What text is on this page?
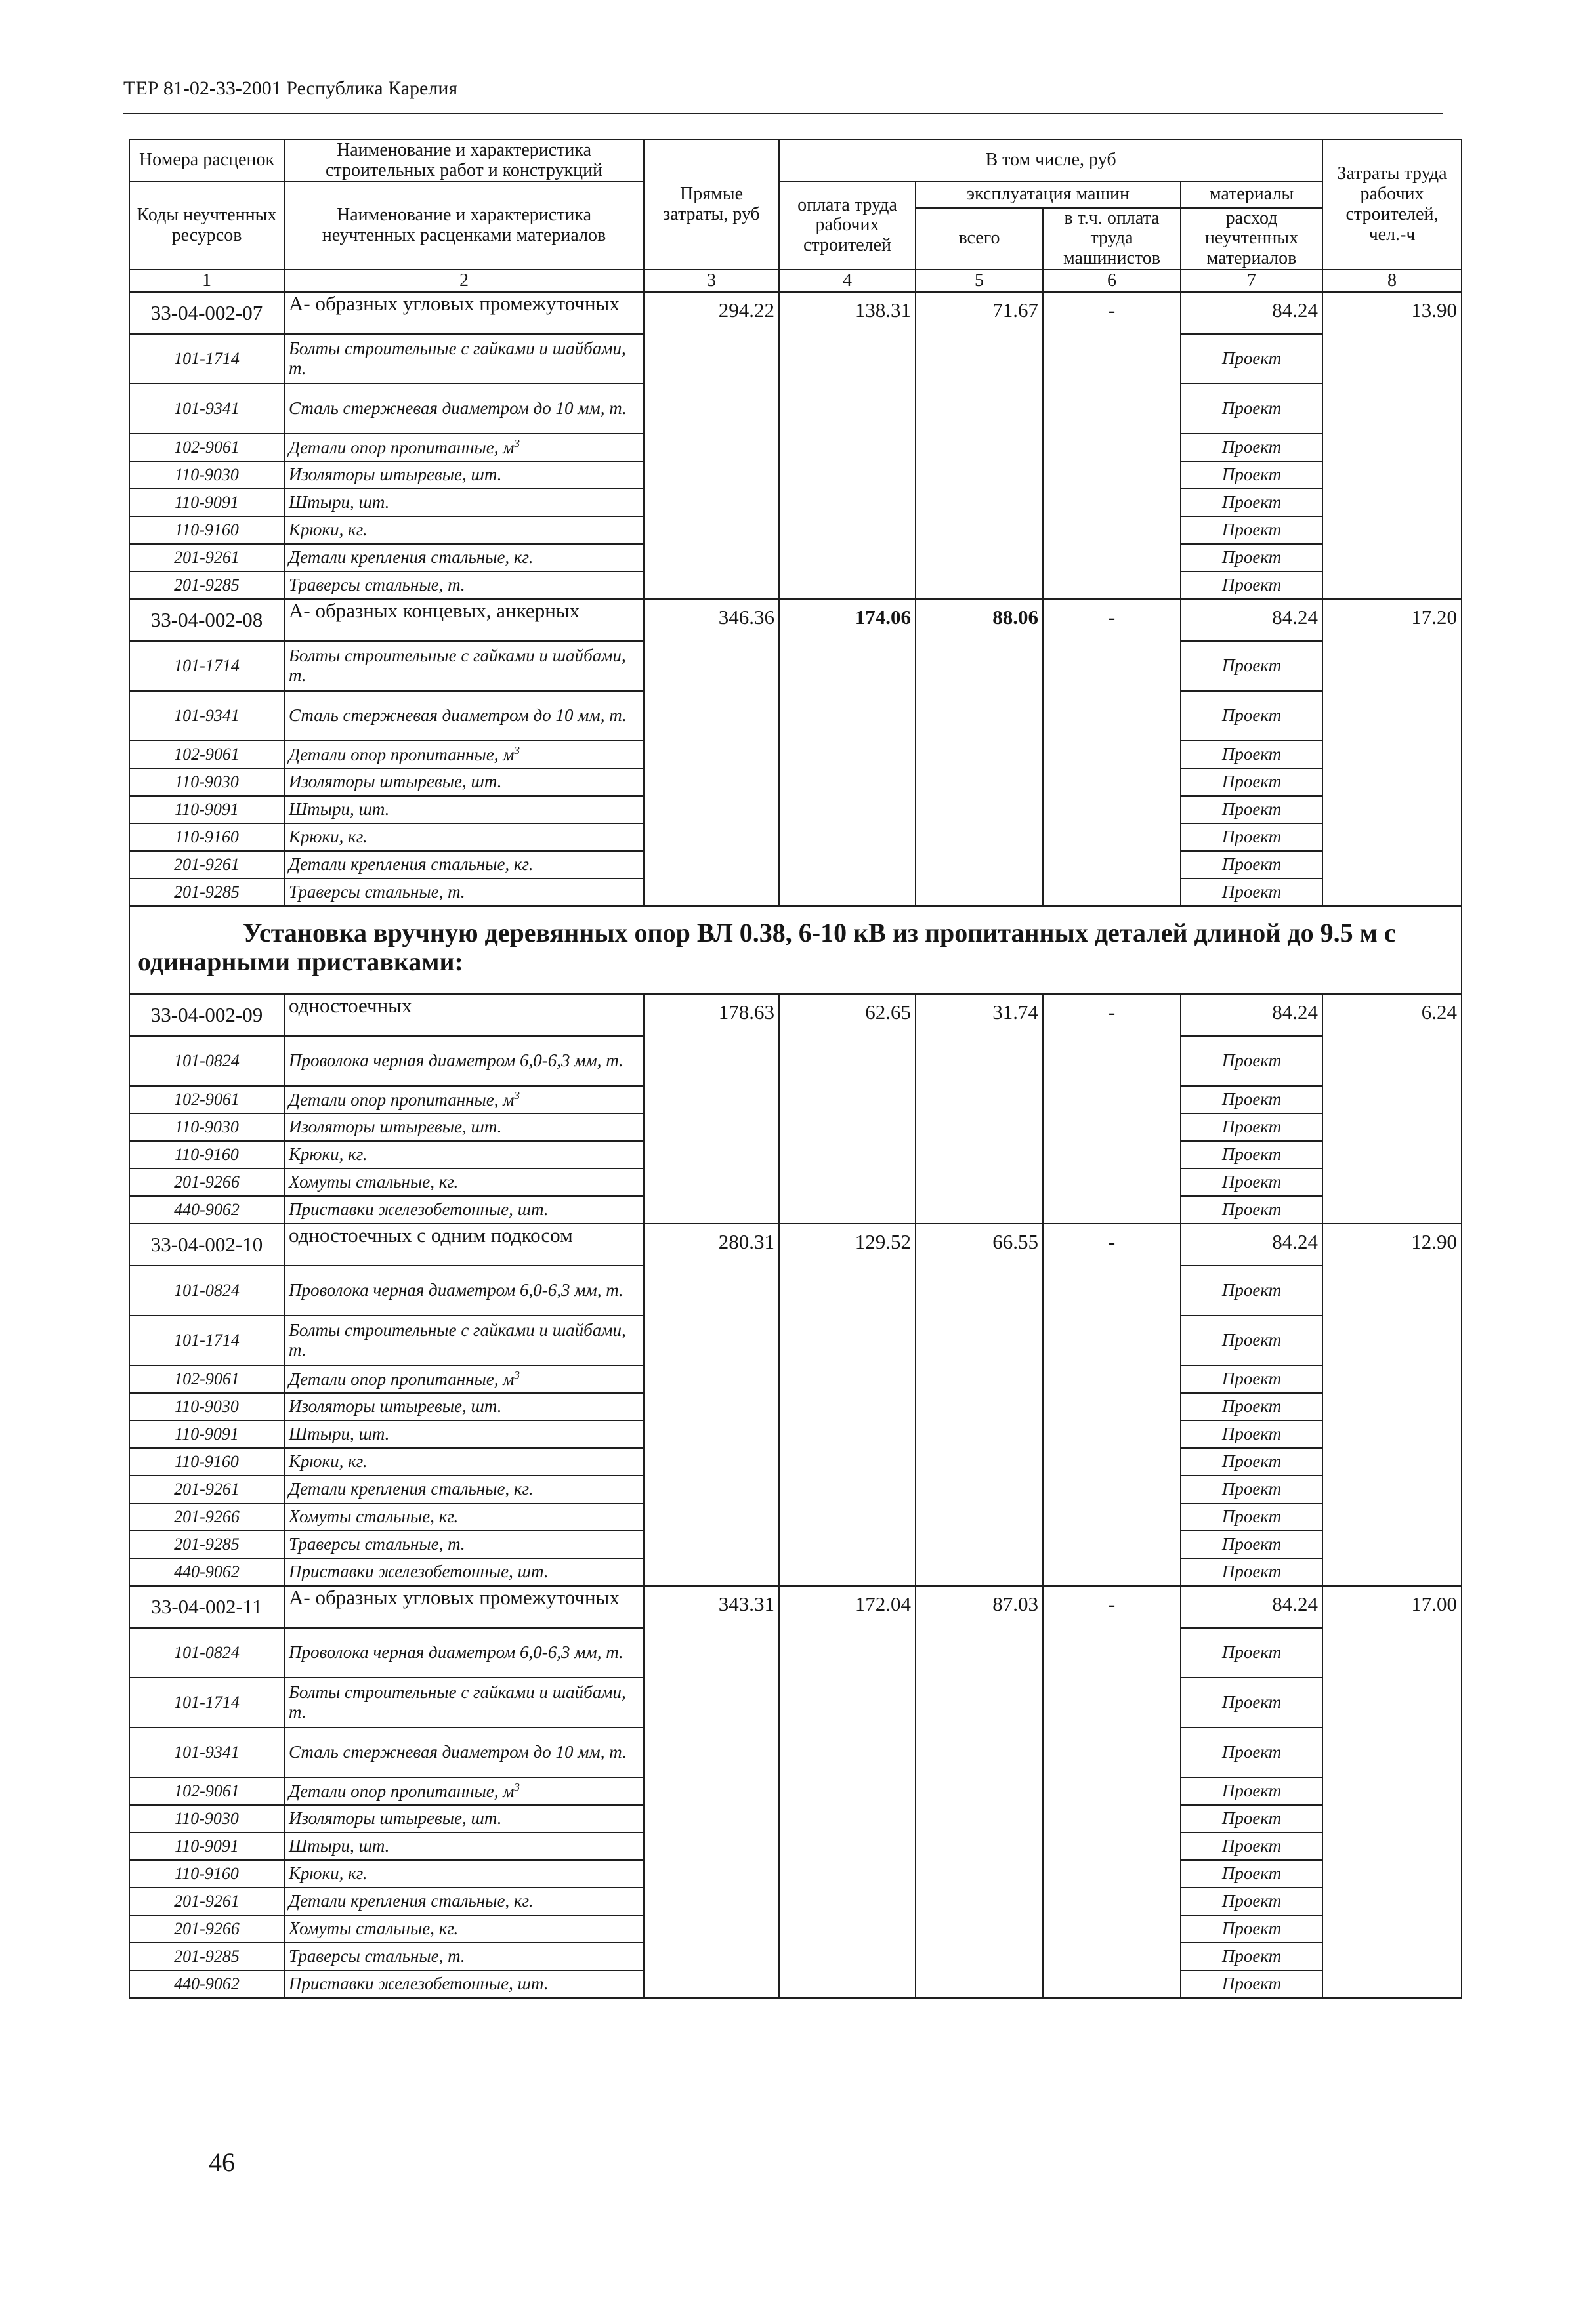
ТЕР 81-02-33-2001 Республика Карелия
Номера расценок	Наименование и характеристика строительных работ и конструкций	Прямые затраты, руб	В том числе, руб				Затраты труда рабочих строителей, чел.-ч
Коды неучтенных ресурсов	Наименование и характеристика неучтенных расценками материалов		оплата труда рабочих строителей	эксплуатация машин		материалы	
				всего	в т.ч. оплата труда машинистов	расход неучтенных материалов	
1	2	3	4	5	6	7	8
33-04-002-07	А- образных угловых промежуточных	294.22	138.31	71.67	-	84.24	13.90
101-1714	Болты строительные с гайками и шайбами, т.					Проект	
101-9341	Сталь стержневая диаметром до 10 мм, т.					Проект	
102-9061	Детали опор пропитанные, $м^3$					Проект	
110-9030	Изоляторы штыревые, шт.					Проект	
110-9091	Штыри, шт.					Проект	
110-9160	Крюки, кг.					Проект	
201-9261	Детали крепления стальные, кг.					Проект	
201-9285	Траверсы стальные, т.					Проект	
33-04-002-08	А- образных концевых, анкерных	346.36	174.06	88.06	-	84.24	17.20
101-1714	Болты строительные с гайками и шайбами, т.					Проект	
101-9341	Сталь стержневая диаметром до 10 мм, т.					Проект	
102-9061	Детали опор пропитанные, $м^3$					Проект	
110-9030	Изоляторы штыревые, шт.					Проект	
110-9091	Штыри, шт.					Проект	
110-9160	Крюки, кг.					Проект	
201-9261	Детали крепления стальные, кг.					Проект	
201-9285	Траверсы стальные, т.					Проект	
Установка вручную деревянных опор ВЛ 0.38, 6-10 кВ из пропитанных деталей длиной до 9.5 м с одинарными приставками:							
33-04-002-09	одностоечных	178.63	62.65	31.74	-	84.24	6.24
101-0824	Проволока черная диаметром 6,0-6,3 мм, т.					Проект	
102-9061	Детали опор пропитанные, $м^3$					Проект	
110-9030	Изоляторы штыревые, шт.					Проект	
110-9160	Крюки, кг.					Проект	
201-9266	Хомуты стальные, кг.					Проект	
440-9062	Приставки железобетонные, шт.					Проект	
33-04-002-10	одностоечных с одним подкосом	280.31	129.52	66.55	-	84.24	12.90
101-0824	Проволока черная диаметром 6,0-6,3 мм, т.					Проект	
101-1714	Болты строительные с гайками и шайбами, т.					Проект	
102-9061	Детали опор пропитанные, $м^3$					Проект	
110-9030	Изоляторы штыревые, шт.					Проект	
110-9091	Штыри, шт.					Проект	
110-9160	Крюки, кг.					Проект	
201-9261	Детали крепления стальные, кг.					Проект	
201-9266	Хомуты стальные, кг.					Проект	
201-9285	Траверсы стальные, т.					Проект	
440-9062	Приставки железобетонные, шт.					Проект	
33-04-002-11	А- образных угловых промежуточных	343.31	172.04	87.03	-	84.24	17.00
101-0824	Проволока черная диаметром 6,0-6,3 мм, т.					Проект	
101-1714	Болты строительные с гайками и шайбами, т.					Проект	
101-9341	Сталь стержневая диаметром до 10 мм, т.					Проект	
102-9061	Детали опор пропитанные, $м^3$					Проект	
110-9030	Изоляторы штыревые, шт.					Проект	
110-9091	Штыри, шт.					Проект	
110-9160	Крюки, кг.					Проект	
201-9261	Детали крепления стальные, кг.					Проект	
201-9266	Хомуты стальные, кг.					Проект	
201-9285	Траверсы стальные, т.					Проект	
440-9062	Приставки железобетонные, шт.					Проект	
46
